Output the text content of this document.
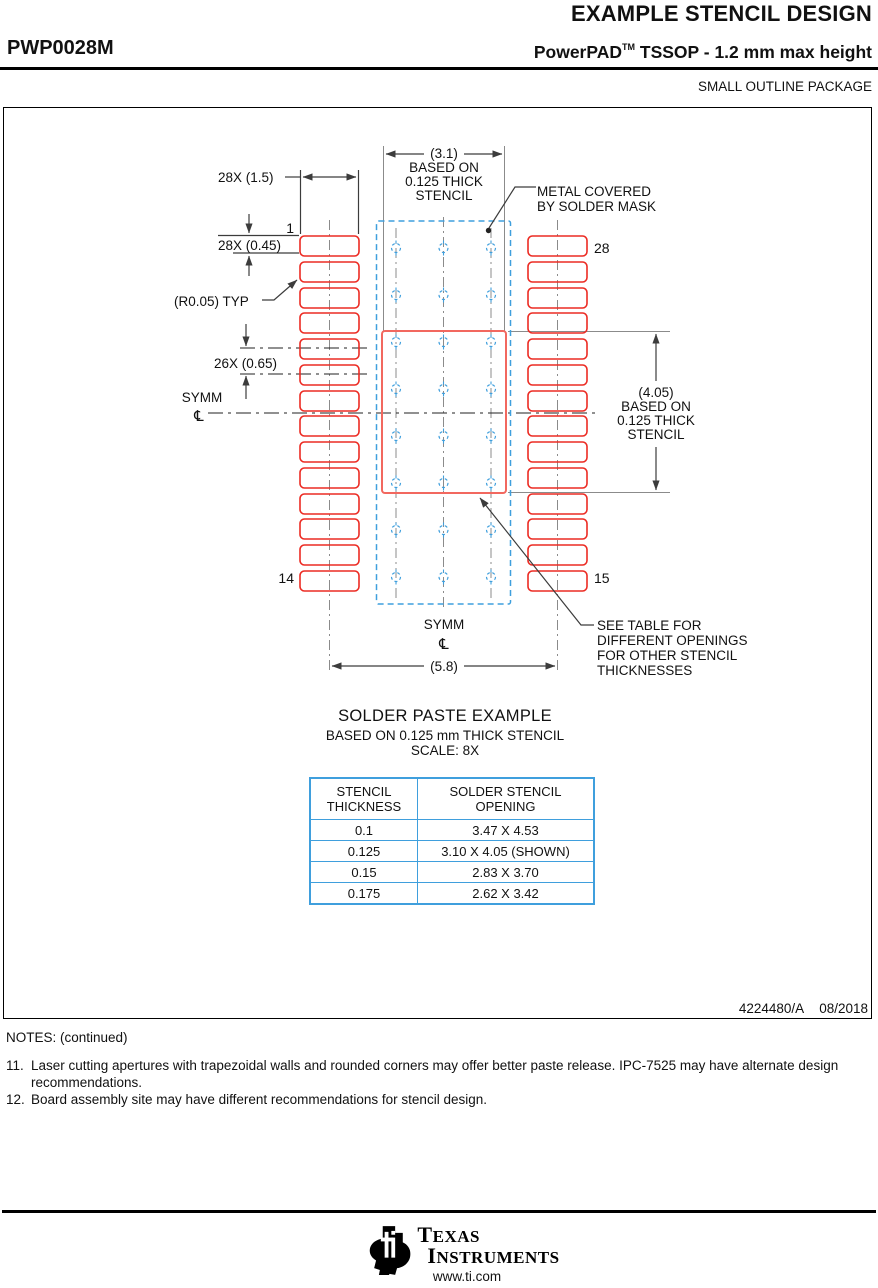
EXAMPLE STENCIL DESIGN
PWP0028M	PowerPAD™ TSSOP - 1.2 mm max height
SMALL OUTLINE PACKAGE
28X (1.5)
1
28X (0.45)
(R0.05) TYP
26X (0.65)
SYMM
℄
METAL COVERED
BY SOLDER MASK
(3.1)
BASED ON
0.125 THICK
STENCIL
28
(4.05)
BASED ON
0.125 THICK
STENCIL
14	15
SYMM
℄
(5.8)
SEE TABLE FOR
DIFFERENT OPENINGS
FOR OTHER STENCIL
THICKNESSES
SOLDER PASTE EXAMPLE
BASED ON 0.125 mm THICK STENCIL
SCALE: 8X
STENCIL
THICKNESS
SOLDER STENCIL
OPENING
0.1	3.47 X 4.53
0.125	3.10 X 4.05 (SHOWN)
0.15	2.83 X 3.70
0.175	2.62 X 3.42
4224480/A 08/2018
NOTES: (continued)
11. Laser cutting apertures with trapezoidal walls and rounded corners may offer better paste release. IPC-7525 may have alternate design recommendations.
12. Board assembly site may have different recommendations for stencil design.
TEXAS
INSTRUMENTS
www.ti.com
